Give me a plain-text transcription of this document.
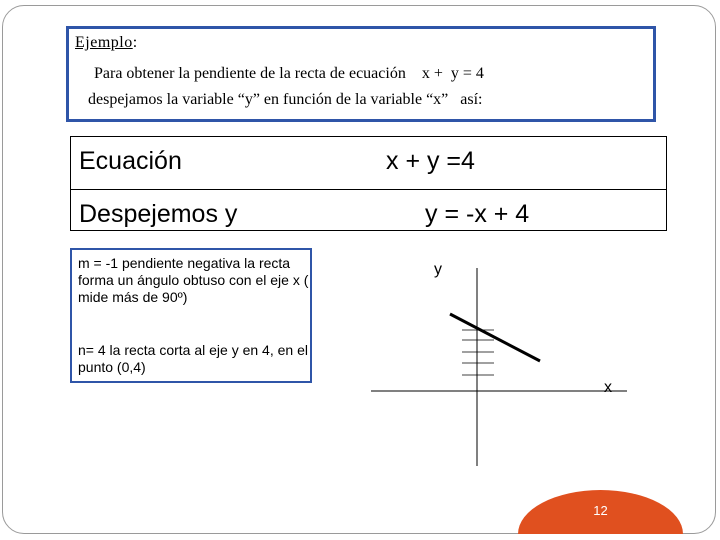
Ejemplo:
Para obtener la pendiente de la recta de ecuación    x +  y = 4
despejamos la variable “y” en función de la variable “x”   así:
Ecuación	x + y =4
Despejemos y	y = -x + 4
m = -1 pendiente negativa la recta forma un ángulo obtuso con el eje x ( mide más de 90º)
n= 4 la recta corta al eje y en 4, en el punto (0,4)
y
x
12
